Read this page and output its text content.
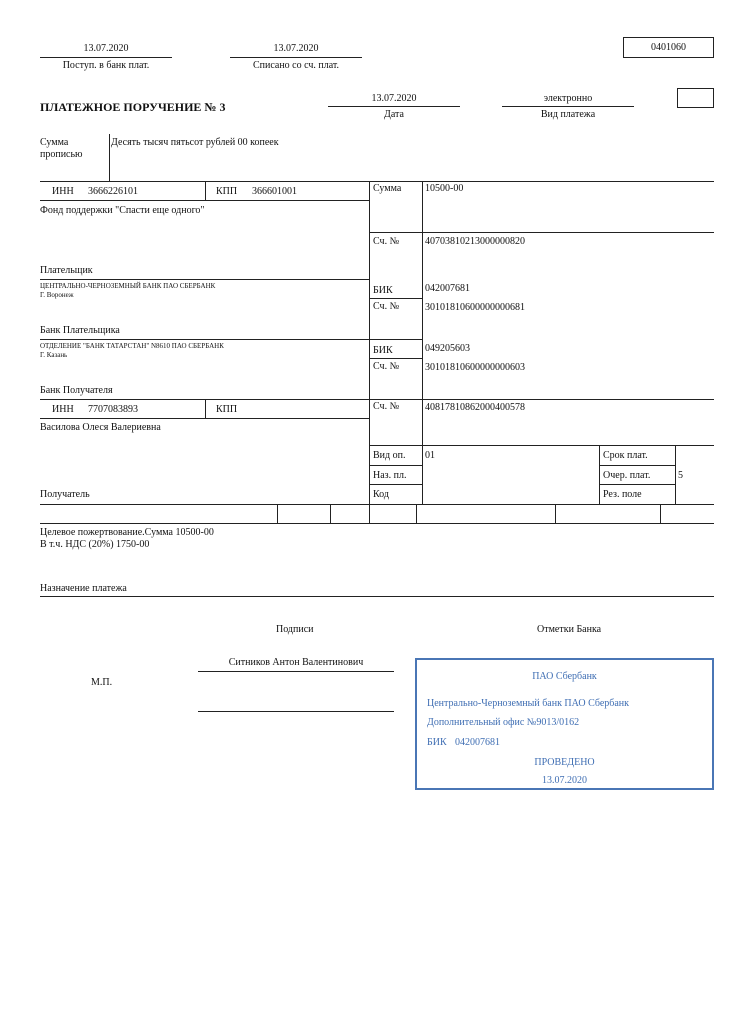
13.07.2020
Поступ. в банк плат.
13.07.2020
Списано со сч. плат.
0401060
ПЛАТЕЖНОЕ ПОРУЧЕНИЕ № 3
13.07.2020
Дата
электронно
Вид платежа
Сумма
прописью
Десять тысяч пятьсот рублей 00 копеек
ИНН 3666226101	КПП 366601001
Фонд поддержки "Спасти еще одного"
Сумма 10500-00
Сч. №	40703810213000000820
Плательщик
ЦЕНТРАЛЬНО-ЧЕРНОЗЕМНЫЙ БАНК ПАО СБЕРБАНК
Г. Воронеж	БИК	042007681
Сч. №	30101810600000000681
Банк Плательщика
ОТДЕЛЕНИЕ "БАНК ТАТАРСТАН" N8610 ПАО СБЕРБАНК
Г. Казань	БИК	049205603
Сч. №	30101810600000000603
Банк Получателя
ИНН 7707083893	КПП
Василова Олеся Валериевна
Сч. №	40817810862000400578
Вид оп. 01	Срок плат.
Наз. пл.	Очер. плат.	5
Код	Рез. поле
Получатель
Целевое пожертвование.Сумма 10500-00
В т.ч. НДС (20%) 1750-00
Назначение платежа
Подписи	Отметки Банка
Ситников Антон Валентинович
М.П.
ПАО Сбербанк
Центрально-Черноземный банк ПАО Сбербанк
Дополнительный офис №9013/0162
БИК 042007681
ПРОВЕДЕНО
13.07.2020
